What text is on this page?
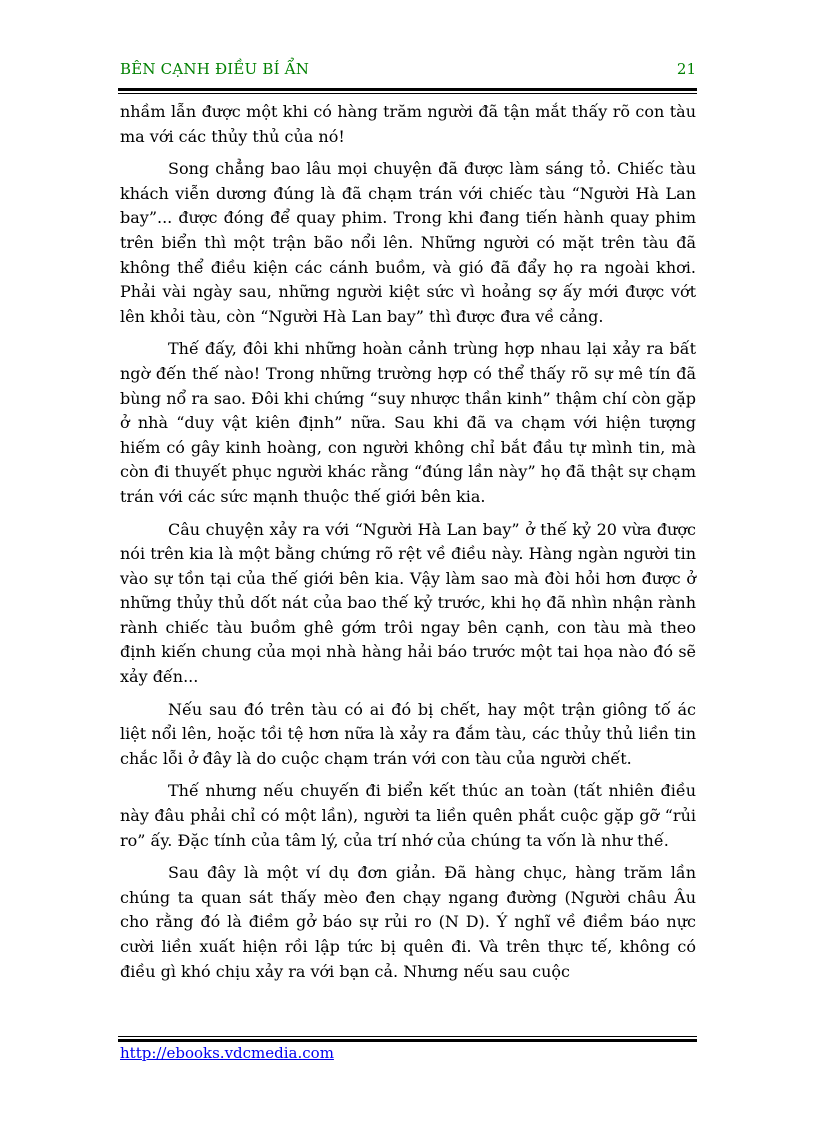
BÊN CẠNH ĐIỀU BÍ ẨN	21

nhầm lẫn được một khi có hàng trăm người đã tận mắt thấy rõ con tàu ma với các thủy thủ của nó!

Song chẳng bao lâu mọi chuyện đã được làm sáng tỏ. Chiếc tàu khách viễn dương đúng là đã chạm trán với chiếc tàu “Người Hà Lan bay”... được đóng để quay phim. Trong khi đang tiến hành quay phim trên biển thì một trận bão nổi lên. Những người có mặt trên tàu đã không thể điều kiện các cánh buồm, và gió đã đẩy họ ra ngoài khơi. Phải vài ngày sau, những người kiệt sức vì hoảng sợ ấy mới được vớt lên khỏi tàu, còn “Người Hà Lan bay” thì được đưa về cảng.

Thế đấy, đôi khi những hoàn cảnh trùng hợp nhau lại xảy ra bất ngờ đến thế nào! Trong những trường hợp có thể thấy rõ sự mê tín đã bùng nổ ra sao. Đôi khi chứng “suy nhược thần kinh” thậm chí còn gặp ở nhà “duy vật kiên định” nữa. Sau khi đã va chạm với hiện tượng hiếm có gây kinh hoàng, con người không chỉ bắt đầu tự mình tin, mà còn đi thuyết phục người khác rằng “đúng lần này” họ đã thật sự chạm trán với các sức mạnh thuộc thế giới bên kia.

Câu chuyện xảy ra với “Người Hà Lan bay” ở thế kỷ 20 vừa được nói trên kia là một bằng chứng rõ rệt về điều này. Hàng ngàn người tin vào sự tồn tại của thế giới bên kia. Vậy làm sao mà đòi hỏi hơn được ở những thủy thủ dốt nát của bao thế kỷ trước, khi họ đã nhìn nhận rành rành chiếc tàu buồm ghê gớm trôi ngay bên cạnh, con tàu mà theo định kiến chung của mọi nhà hàng hải báo trước một tai họa nào đó sẽ xảy đến...

Nếu sau đó trên tàu có ai đó bị chết, hay một trận giông tố ác liệt nổi lên, hoặc tồi tệ hơn nữa là xảy ra đắm tàu, các thủy thủ liền tin chắc lỗi ở đây là do cuộc chạm trán với con tàu của người chết.

Thế nhưng nếu chuyến đi biển kết thúc an toàn (tất nhiên điều này đâu phải chỉ có một lần), người ta liền quên phắt cuộc gặp gỡ “rủi ro” ấy. Đặc tính của tâm lý, của trí nhớ của chúng ta vốn là như thế.

Sau đây là một ví dụ đơn giản. Đã hàng chục, hàng trăm lần chúng ta quan sát thấy mèo đen chạy ngang đường (Người châu Âu cho rằng đó là điềm gở báo sự rủi ro (N D). Ý nghĩ về điềm báo nực cười liền xuất hiện rồi lập tức bị quên đi. Và trên thực tế, không có điều gì khó chịu xảy ra với bạn cả. Nhưng nếu sau cuộc

http://ebooks.vdcmedia.com
